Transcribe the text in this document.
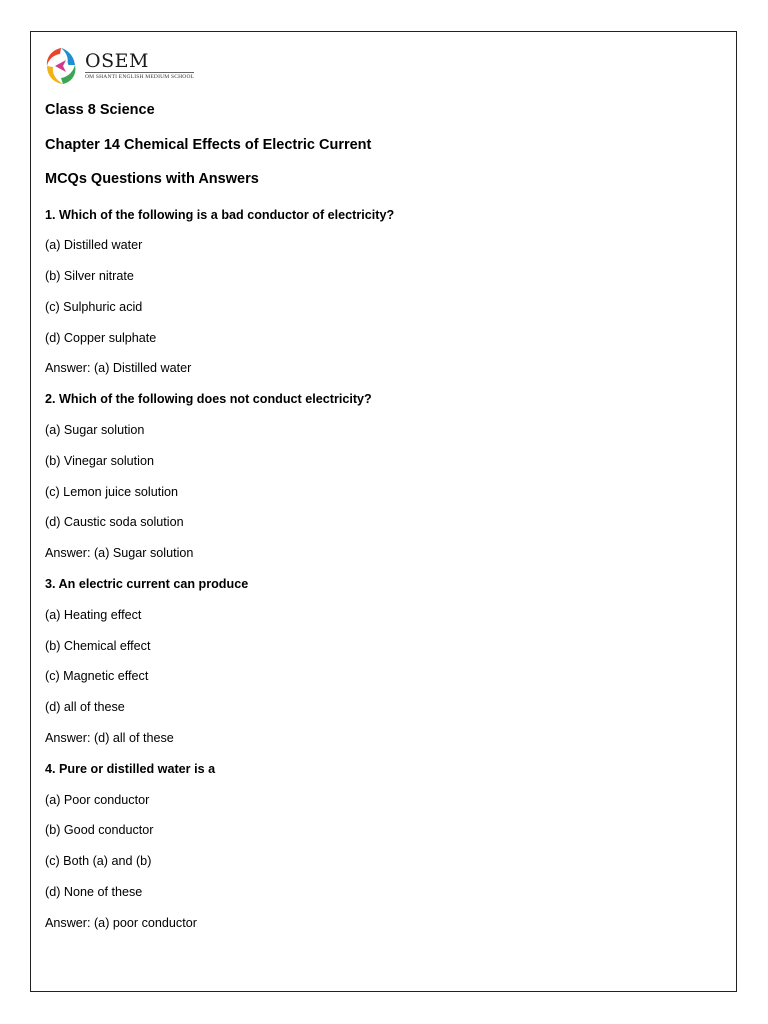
OSEM
OM SHANTI ENGLISH MEDIUM SCHOOL
Class 8 Science
Chapter 14 Chemical Effects of Electric Current
MCQs Questions with Answers
1. Which of the following is a bad conductor of electricity?
(a) Distilled water
(b) Silver nitrate
(c) Sulphuric acid
(d) Copper sulphate
Answer: (a) Distilled water
2. Which of the following does not conduct electricity?
(a) Sugar solution
(b) Vinegar solution
(c) Lemon juice solution
(d) Caustic soda solution
Answer: (a) Sugar solution
3. An electric current can produce
(a) Heating effect
(b) Chemical effect
(c) Magnetic effect
(d) all of these
Answer: (d) all of these
4. Pure or distilled water is a
(a) Poor conductor
(b) Good conductor
(c) Both (a) and (b)
(d) None of these
Answer: (a) poor conductor
